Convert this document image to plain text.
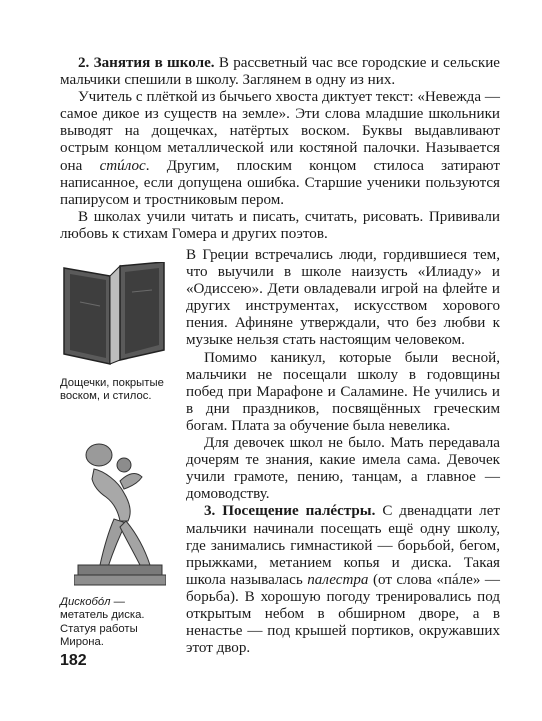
2. Занятия в школе. В рассветный час все городские и сельские мальчики спешили в школу. Заглянем в одну из них.

Учитель с плёткой из бычьего хвоста диктует текст: «Невежда — самое дикое из существ на земле». Эти слова младшие школьники выводят на дощечках, натёртых воском. Буквы выдавливают острым концом металлической или костяной палочки. Называется она стúлос. Другим, плоским концом стилоса затирают написанное, если допущена ошибка. Старшие ученики пользуются папирусом и тростниковым пером.

В школах учили читать и писать, считать, рисовать. Прививали любовь к стихам Гомера и других поэтов.

Дощечки, покрытые воском, и стилос.
Дискобóл — метатель диска. Статуя работы Мирона.

В Греции встречались люди, гордившиеся тем, что выучили в школе наизусть «Илиаду» и «Одиссею». Дети овладевали игрой на флейте и других инструментах, искусством хорового пения. Афиняне утверждали, что без любви к музыке нельзя стать настоящим человеком.

Помимо каникул, которые были весной, мальчики не посещали школу в годовщины побед при Марафоне и Саламине. Не учились и в дни праздников, посвящённых греческим богам. Плата за обучение была невелика.

Для девочек школ не было. Мать передавала дочерям те знания, какие имела сама. Девочек учили грамоте, пению, танцам, а главное — домоводству.

3. Посещение палéстры. С двенадцати лет мальчики начинали посещать ещё одну школу, где занимались гимнастикой — борьбой, бегом, прыжками, метанием копья и диска. Такая школа называлась палестра (от слова «пáле» — борьба). В хорошую погоду тренировались под открытым небом в обширном дворе, а в ненастье — под крышей портиков, окружавших этот двор.

182
